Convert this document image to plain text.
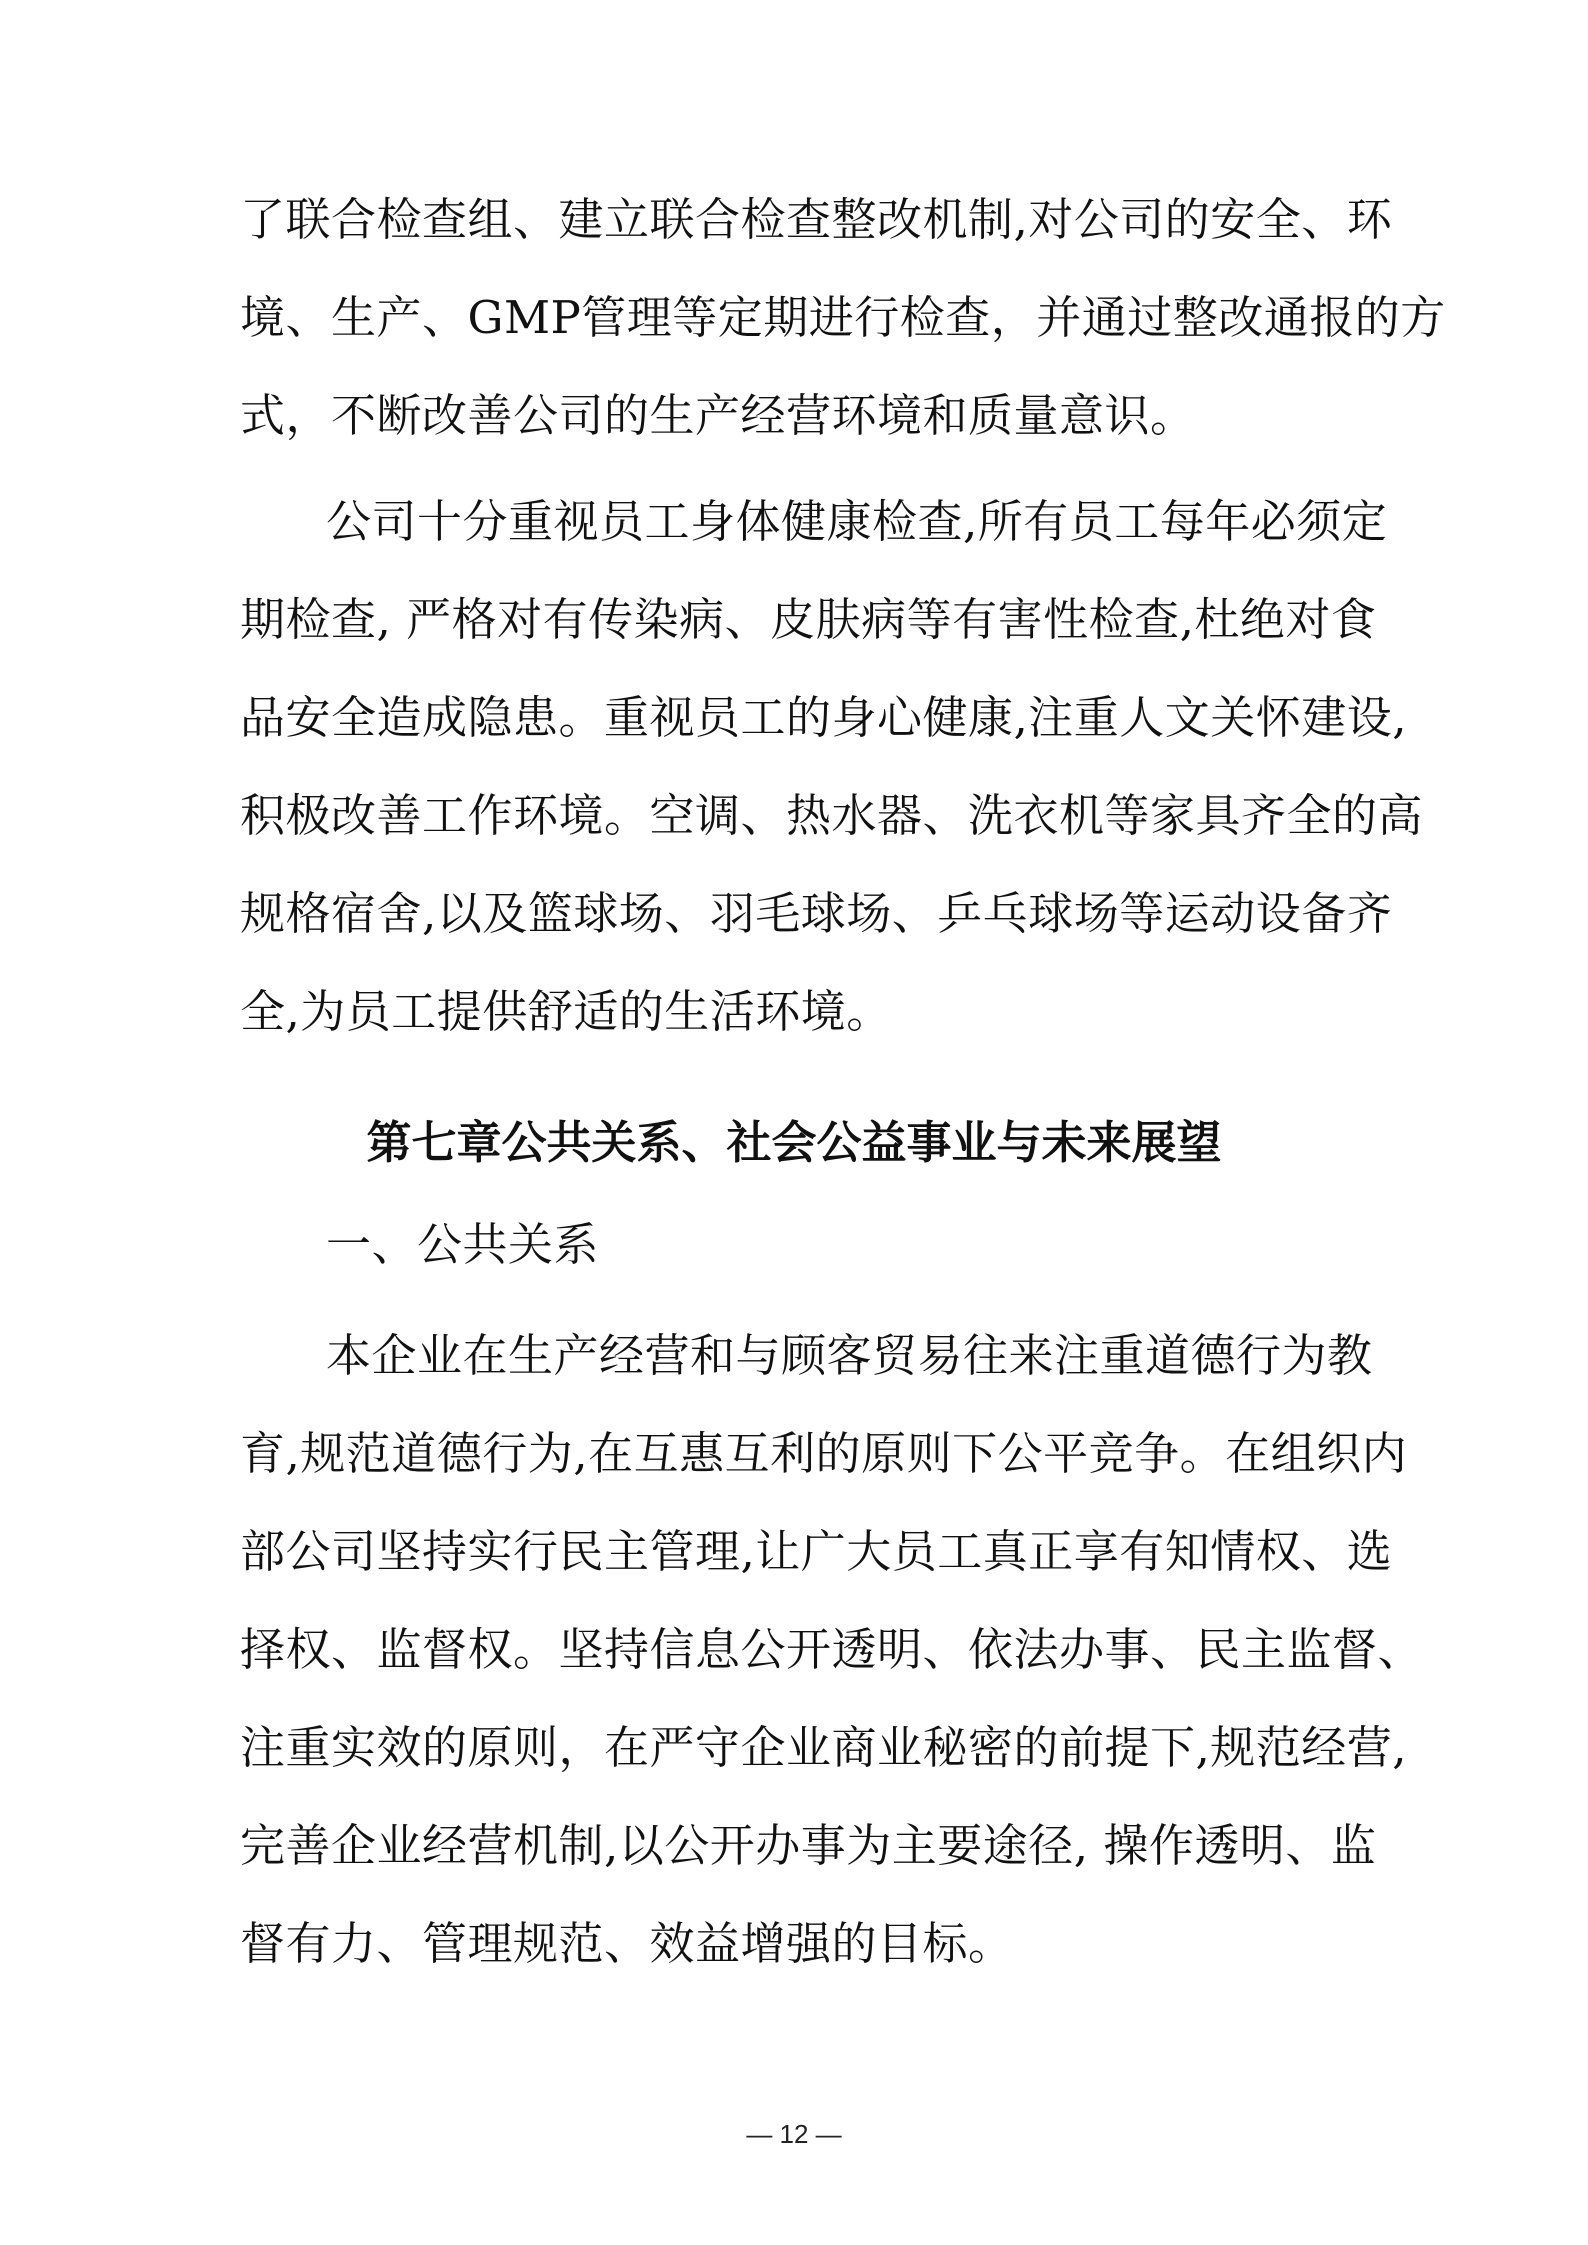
了联合检查组、建立联合检查整改机制,对公司的安全、环
境、生产、GMP管理等定期进行检查，并通过整改通报的方
式，不断改善公司的生产经营环境和质量意识。
公司十分重视员工身体健康检查,所有员工每年必须定
期检查, 严格对有传染病、皮肤病等有害性检查,杜绝对食
品安全造成隐患。重视员工的身心健康,注重人文关怀建设,
积极改善工作环境。空调、热水器、洗衣机等家具齐全的高
规格宿舍,以及篮球场、羽毛球场、乒乓球场等运动设备齐
全,为员工提供舒适的生活环境。
第七章公共关系、社会公益事业与未来展望
一、公共关系
本企业在生产经营和与顾客贸易往来注重道德行为教
育,规范道德行为,在互惠互利的原则下公平竞争。在组织内
部公司坚持实行民主管理,让广大员工真正享有知情权、选
择权、监督权。坚持信息公开透明、依法办事、民主监督、
注重实效的原则，在严守企业商业秘密的前提下,规范经营,
完善企业经营机制,以公开办事为主要途径, 操作透明、监
督有力、管理规范、效益增强的目标。
— 12 —
